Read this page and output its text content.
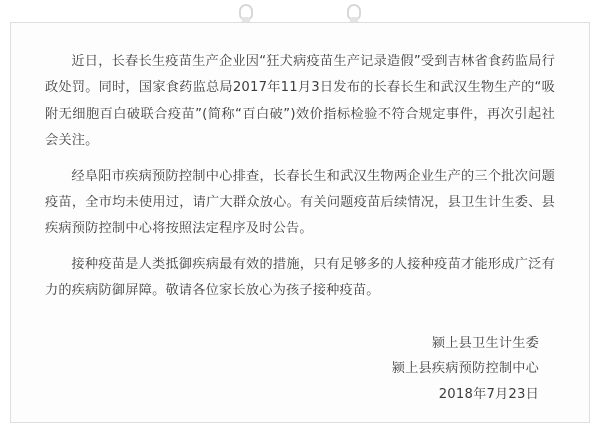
近日，长春长生疫苗生产企业因“狂犬病疫苗生产记录造假”受到吉林省食药监局行政处罚。同时，国家食药监总局2017年11月3日发布的长春长生和武汉生物生产的“吸附无细胞百白破联合疫苗”(简称“百白破”)效价指标检验不符合规定事件，再次引起社会关注。

经阜阳市疾病预防控制中心排查，长春长生和武汉生物两企业生产的三个批次问题疫苗，全市均未使用过，请广大群众放心。有关问题疫苗后续情况，县卫生计生委、县疾病预防控制中心将按照法定程序及时公告。

接种疫苗是人类抵御疾病最有效的措施，只有足够多的人接种疫苗才能形成广泛有力的疾病防御屏障。敬请各位家长放心为孩子接种疫苗。

颍上县卫生计生委
颍上县疾病预防控制中心
2018年7月23日
